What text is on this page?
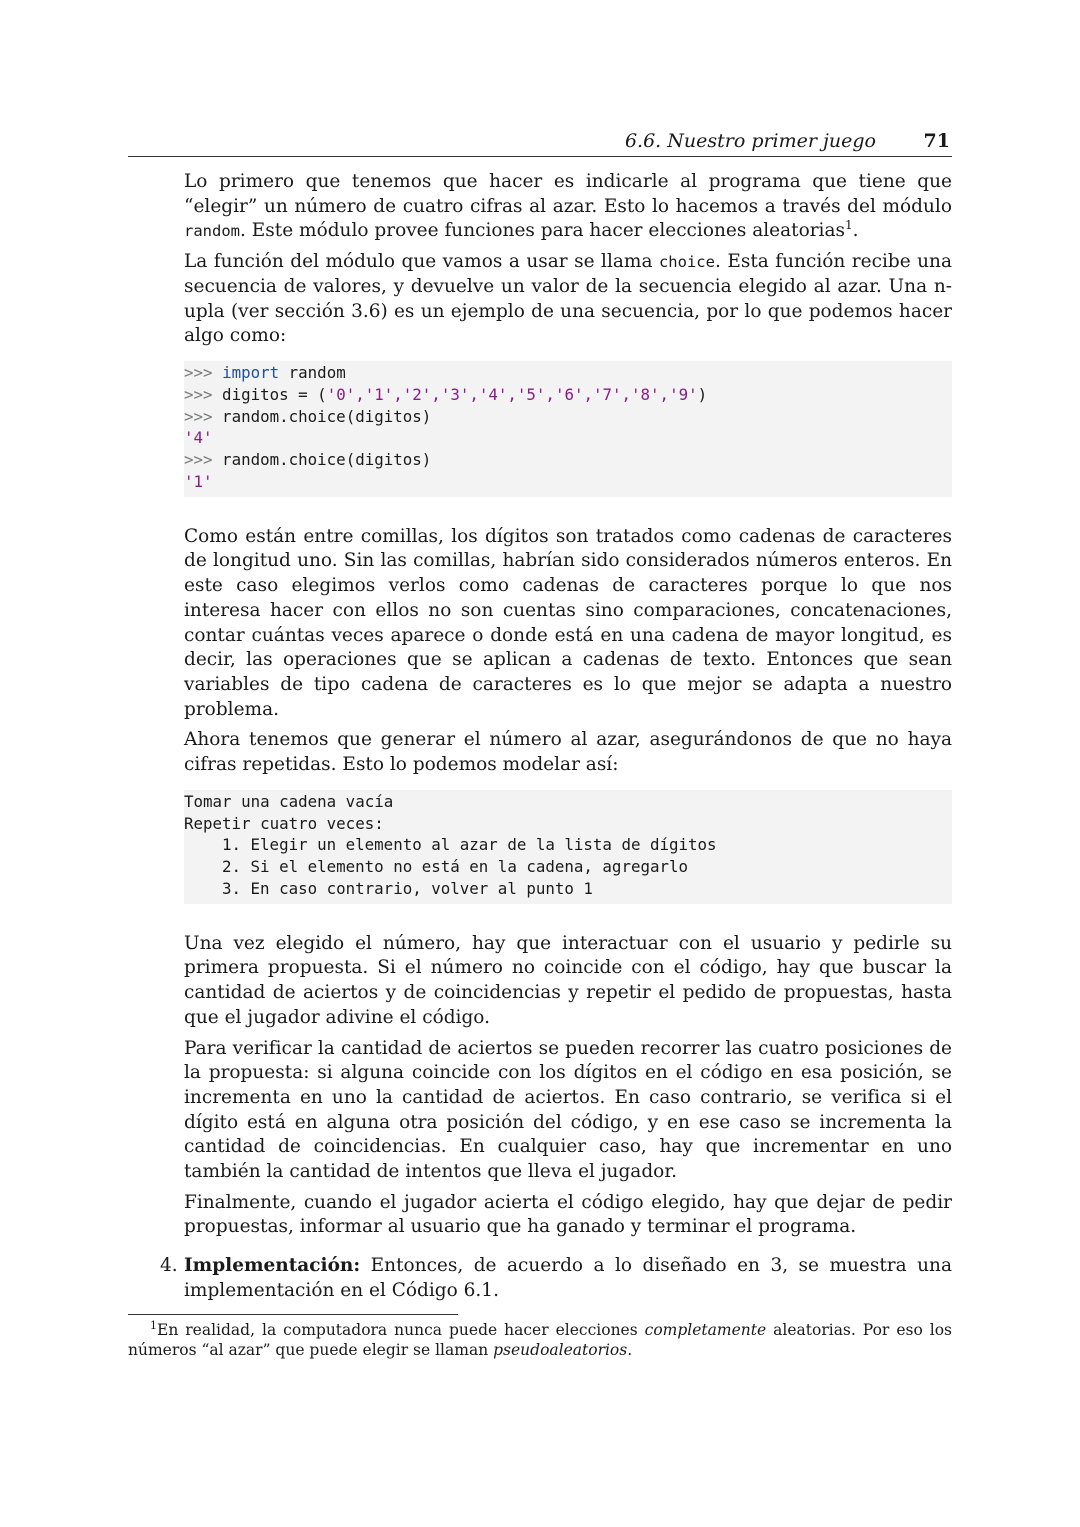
6.6. Nuestro primer juego	71

Lo primero que tenemos que hacer es indicarle al programa que tiene que “elegir” un número de cuatro cifras al azar. Esto lo hacemos a través del módulo random. Este módulo provee funciones para hacer elecciones aleatorias$^1$.

La función del módulo que vamos a usar se llama choice. Esta función recibe una secuencia de valores, y devuelve un valor de la secuencia elegido al azar. Una n-upla (ver sección 3.6) es un ejemplo de una secuencia, por lo que podemos hacer algo como:

>>> import random
>>> digitos = ('0','1','2','3','4','5','6','7','8','9')
>>> random.choice(digitos)
'4'
>>> random.choice(digitos)
'1'

Como están entre comillas, los dígitos son tratados como cadenas de caracteres de longitud uno. Sin las comillas, habrían sido considerados números enteros. En este caso elegimos verlos como cadenas de caracteres porque lo que nos interesa hacer con ellos no son cuentas sino comparaciones, concatenaciones, contar cuántas veces aparece o donde está en una cadena de mayor longitud, es decir, las operaciones que se aplican a cadenas de texto. Entonces que sean variables de tipo cadena de caracteres es lo que mejor se adapta a nuestro problema.

Ahora tenemos que generar el número al azar, asegurándonos de que no haya cifras repetidas. Esto lo podemos modelar así:

Tomar una cadena vacía
Repetir cuatro veces:
1. Elegir un elemento al azar de la lista de dígitos
2. Si el elemento no está en la cadena, agregarlo
3. En caso contrario, volver al punto 1

Una vez elegido el número, hay que interactuar con el usuario y pedirle su primera propuesta. Si el número no coincide con el código, hay que buscar la cantidad de aciertos y de coincidencias y repetir el pedido de propuestas, hasta que el jugador adivine el código.

Para verificar la cantidad de aciertos se pueden recorrer las cuatro posiciones de la propuesta: si alguna coincide con los dígitos en el código en esa posición, se incrementa en uno la cantidad de aciertos. En caso contrario, se verifica si el dígito está en alguna otra posición del código, y en ese caso se incrementa la cantidad de coincidencias. En cualquier caso, hay que incrementar en uno también la cantidad de intentos que lleva el jugador.

Finalmente, cuando el jugador acierta el código elegido, hay que dejar de pedir propuestas, informar al usuario que ha ganado y terminar el programa.

4. Implementación: Entonces, de acuerdo a lo diseñado en 3, se muestra una implementación en el Código 6.1.

$^1$En realidad, la computadora nunca puede hacer elecciones completamente aleatorias. Por eso los números “al azar” que puede elegir se llaman pseudoaleatorios.
